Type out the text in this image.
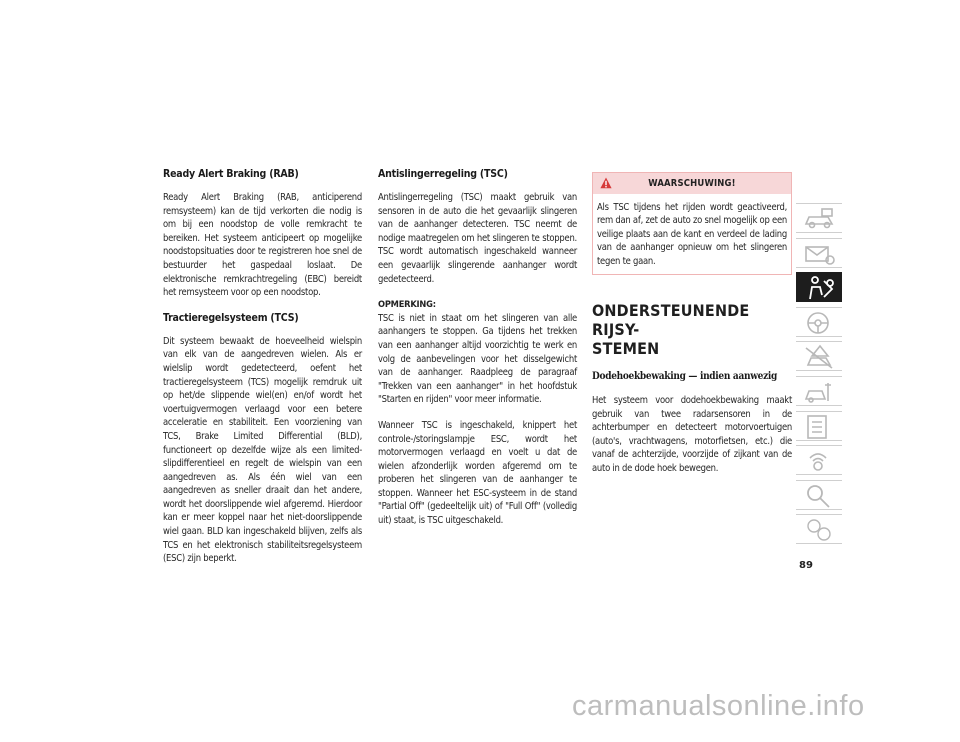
Ready Alert Braking (RAB)
Ready Alert Braking (RAB, anticiperend remsysteem) kan de tijd verkorten die nodig is om bij een noodstop de volle remkracht te bereiken. Het systeem anticipeert op mogelijke noodstopsituaties door te registreren hoe snel de bestuurder het gaspedaal loslaat. De elektronische remkrachtregeling (EBC) bereidt het remsysteem voor op een noodstop.
Tractieregelsysteem (TCS)
Dit systeem bewaakt de hoeveelheid wielspin van elk van de aangedreven wielen. Als er wielslip wordt gedetecteerd, oefent het tractieregelsysteem (TCS) mogelijk remdruk uit op het/de slippende wiel(en) en/of wordt het voertuigvermogen verlaagd voor een betere acceleratie en stabiliteit. Een voorziening van TCS, Brake Limited Differential (BLD), functioneert op dezelfde wijze als een limited-slipdifferentieel en regelt de wielspin van een aangedreven as. Als één wiel van een aangedreven as sneller draait dan het andere, wordt het doorslippende wiel afgeremd. Hierdoor kan er meer koppel naar het niet-doorslippende wiel gaan. BLD kan ingeschakeld blijven, zelfs als TCS en het elektronisch stabiliteitsregelsysteem (ESC) zijn beperkt.
Antislingerregeling (TSC)
Antislingerregeling (TSC) maakt gebruik van sensoren in de auto die het gevaarlijk slingeren van de aanhanger detecteren. TSC neemt de nodige maatregelen om het slingeren te stoppen. TSC wordt automatisch ingeschakeld wanneer een gevaarlijk slingerende aanhanger wordt gedetecteerd.
OPMERKING:
TSC is niet in staat om het slingeren van alle aanhangers te stoppen. Ga tijdens het trekken van een aanhanger altijd voorzichtig te werk en volg de aanbevelingen voor het disselgewicht van de aanhanger. Raadpleeg de paragraaf "Trekken van een aanhanger" in het hoofdstuk "Starten en rijden" voor meer informatie.
Wanneer TSC is ingeschakeld, knippert het controle-/storingslampje ESC, wordt het motorvermogen verlaagd en voelt u dat de wielen afzonderlijk worden afgeremd om te proberen het slingeren van de aanhanger te stoppen. Wanneer het ESC-systeem in de stand "Partial Off" (gedeeltelijk uit) of "Full Off" (volledig uit) staat, is TSC uitgeschakeld.
WAARSCHUWING!
Als TSC tijdens het rijden wordt geactiveerd, rem dan af, zet de auto zo snel mogelijk op een veilige plaats aan de kant en verdeel de lading van de aanhanger opnieuw om het slingeren tegen te gaan.
ONDERSTEUNENDE RIJSY-
STEMEN
Dodehoekbewaking — indien aanwezig
Het systeem voor dodehoekbewaking maakt gebruik van twee radarsensoren in de achterbumper en detecteert motorvoertuigen (auto's, vrachtwagens, motorfietsen, etc.) die vanaf de achterzijde, voorzijde of zijkant van de auto in de dode hoek bewegen.
89
carmanualsonline.info
